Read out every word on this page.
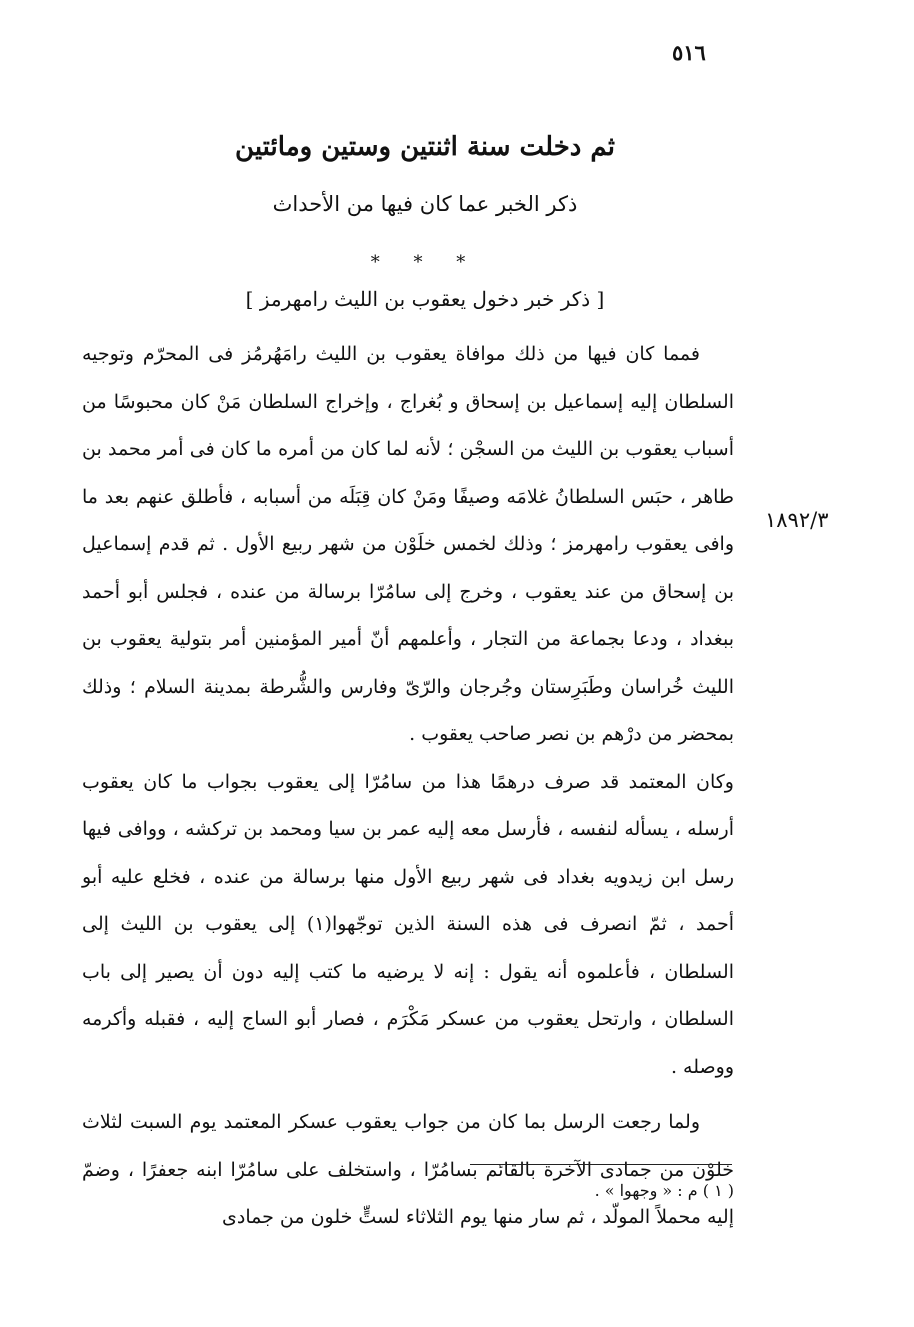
٥١٦
ثم دخلت سنة اثنتين وستين ومائتين
ذكر الخبر عما كان فيها من الأحداث
* * *
[ ذكر خبر دخول يعقوب بن الليث رامهرمز ]
١٨٩٢/٣

فمما كان فيها من ذلك موافاة يعقوب بن الليث رامَهُرمُز فى المحرّم وتوجيه السلطان إليه إسماعيل بن إسحاق و بُغراج ، وإخراج السلطان مَنْ كان محبوسًا من أسباب يعقوب بن الليث من السجْن ؛ لأنه لما كان من أمره ما كان فى أمر محمد بن طاهر ، حبَس السلطانُ غلامَه وصيفًا ومَنْ كان قِبَلَه من أسبابه ، فأطلق عنهم بعد ما وافى يعقوب رامهرمز ؛ وذلك لخمس خلَوْن من شهر ربيع الأول . ثم قدم إسماعيل بن إسحاق من عند يعقوب ، وخرج إلى سامُرّا برسالة من عنده ، فجلس أبو أحمد ببغداد ، ودعا بجماعة من التجار ، وأعلمهم أنّ أمير المؤمنين أمر بتولية يعقوب بن الليث خُراسان وطَبَرِستان وجُرجان والرّىّ وفارس والشُّرطة بمدينة السلام ؛ وذلك بمحضر من درْهم بن نصر صاحب يعقوب .

وكان المعتمد قد صرف درهمًا هذا من سامُرّا إلى يعقوب بجواب ما كان يعقوب أرسله ، يسأله لنفسه ، فأرسل معه إليه عمر بن سيا ومحمد بن تركشه ، ووافى فيها رسل ابن زيدويه بغداد فى شهر ربيع الأول منها برسالة من عنده ، فخلع عليه أبو أحمد ، ثمّ انصرف فى هذه السنة الذين توجّهوا(١) إلى يعقوب بن الليث إلى السلطان ، فأعلموه أنه يقول : إنه لا يرضيه ما كتب إليه دون أن يصير إلى باب السلطان ، وارتحل يعقوب من عسكر مَكْرَم ، فصار أبو الساج إليه ، فقبله وأكرمه ووصله .

ولما رجعت الرسل بما كان من جواب يعقوب عسكر المعتمد يوم السبت لثلاث خلوْن من جمادى الآخرة بالقائم بسامُرّا ، واستخلف على سامُرّا ابنه جعفرًا ، وضمّ إليه محملاً المولّد ، ثم سار منها يوم الثلاثاء لستٍّ خلون من جمادى

( ١ ) م : « وجهوا » .
